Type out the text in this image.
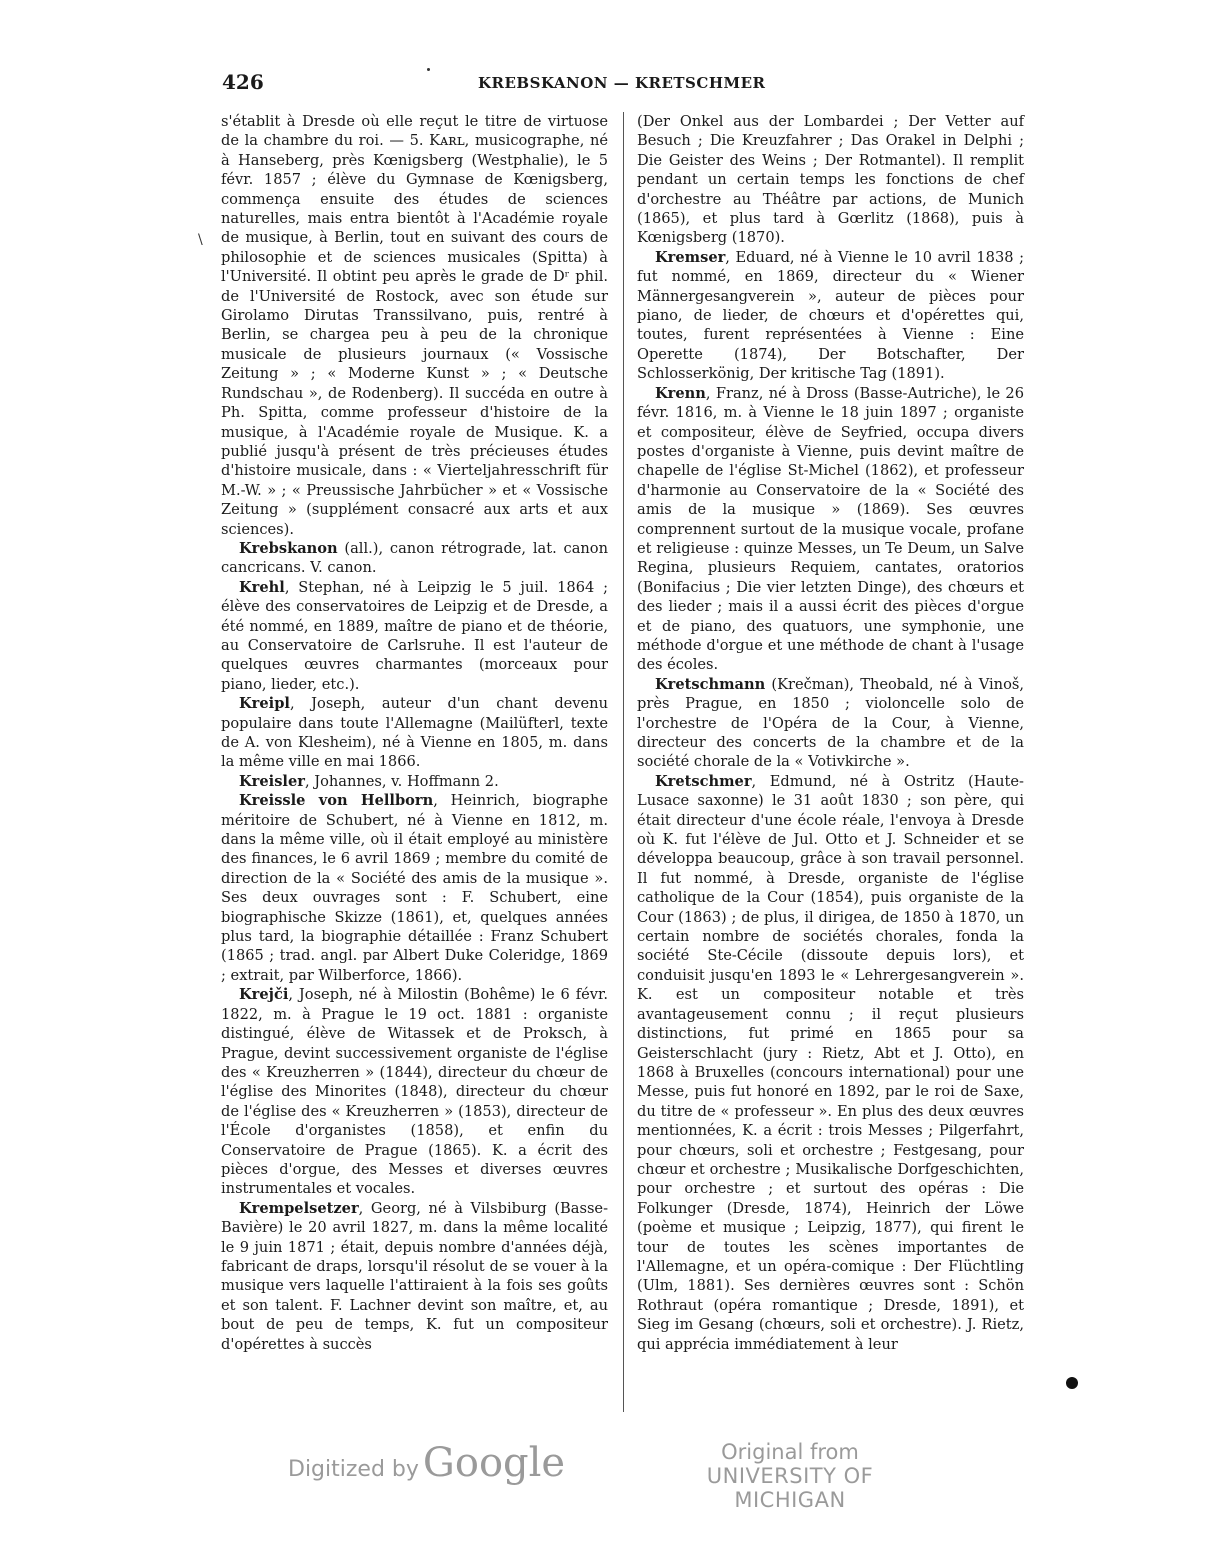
426	KREBSKANON — KRETSCHMER
\

s'établit à Dresde où elle reçut le titre de virtuose de la chambre du roi. — 5. Kᴀʀʟ, musicographe, né à Hanseberg, près Kœnigsberg (Westphalie), le 5 févr. 1857 ; élève du Gymnase de Kœnigsberg, commença ensuite des études de sciences naturelles, mais entra bientôt à l'Académie royale de musique, à Berlin, tout en suivant des cours de philosophie et de sciences musicales (Spitta) à l'Université. Il obtint peu après le grade de Dʳ phil. de l'Université de Rostock, avec son étude sur Girolamo Dirutas Transsilvano, puis, rentré à Berlin, se chargea peu à peu de la chronique musicale de plusieurs journaux (« Vossische Zeitung » ; « Moderne Kunst » ; « Deutsche Rundschau », de Rodenberg). Il succéda en outre à Ph. Spitta, comme professeur d'histoire de la musique, à l'Académie royale de Musique. K. a publié jusqu'à présent de très précieuses études d'histoire musicale, dans : « Vierteljahresschrift für M.-W. » ; « Preussische Jahrbücher » et « Vossische Zeitung » (supplément consacré aux arts et aux sciences).

Krebskanon (all.), canon rétrograde, lat. canon cancricans. V. canon.

Krehl, Stephan, né à Leipzig le 5 juil. 1864 ; élève des conservatoires de Leipzig et de Dresde, a été nommé, en 1889, maître de piano et de théorie, au Conservatoire de Carlsruhe. Il est l'auteur de quelques œuvres charmantes (morceaux pour piano, lieder, etc.).

Kreipl, Joseph, auteur d'un chant devenu populaire dans toute l'Allemagne (Mailüfterl, texte de A. von Klesheim), né à Vienne en 1805, m. dans la même ville en mai 1866.

Kreisler, Johannes, v. Hoffmann 2.

Kreissle von Hellborn, Heinrich, biographe méritoire de Schubert, né à Vienne en 1812, m. dans la même ville, où il était employé au ministère des finances, le 6 avril 1869 ; membre du comité de direction de la « Société des amis de la musique ». Ses deux ouvrages sont : F. Schubert, eine biographische Skizze (1861), et, quelques années plus tard, la biographie détaillée : Franz Schubert (1865 ; trad. angl. par Albert Duke Coleridge, 1869 ; extrait, par Wilberforce, 1866).

Krejči, Joseph, né à Milostin (Bohême) le 6 févr. 1822, m. à Prague le 19 oct. 1881 : organiste distingué, élève de Witassek et de Proksch, à Prague, devint successivement organiste de l'église des « Kreuzherren » (1844), directeur du chœur de l'église des Minorites (1848), directeur du chœur de l'église des « Kreuzherren » (1853), directeur de l'École d'organistes (1858), et enfin du Conservatoire de Prague (1865). K. a écrit des pièces d'orgue, des Messes et diverses œuvres instrumentales et vocales.

Krempelsetzer, Georg, né à Vilsbiburg (Basse-Bavière) le 20 avril 1827, m. dans la même localité le 9 juin 1871 ; était, depuis nombre d'années déjà, fabricant de draps, lorsqu'il résolut de se vouer à la musique vers laquelle l'attiraient à la fois ses goûts et son talent. F. Lachner devint son maître, et, au bout de peu de temps, K. fut un compositeur d'opérettes à succès

(Der Onkel aus der Lombardei ; Der Vetter auf Besuch ; Die Kreuzfahrer ; Das Orakel in Delphi ; Die Geister des Weins ; Der Rotmantel). Il remplit pendant un certain temps les fonctions de chef d'orchestre au Théâtre par actions, de Munich (1865), et plus tard à Gœrlitz (1868), puis à Kœnigsberg (1870).

Kremser, Eduard, né à Vienne le 10 avril 1838 ; fut nommé, en 1869, directeur du « Wiener Männergesangverein », auteur de pièces pour piano, de lieder, de chœurs et d'opérettes qui, toutes, furent représentées à Vienne : Eine Operette (1874), Der Botschafter, Der Schlosserkönig, Der kritische Tag (1891).

Krenn, Franz, né à Dross (Basse-Autriche), le 26 févr. 1816, m. à Vienne le 18 juin 1897 ; organiste et compositeur, élève de Seyfried, occupa divers postes d'organiste à Vienne, puis devint maître de chapelle de l'église St-Michel (1862), et professeur d'harmonie au Conservatoire de la « Société des amis de la musique » (1869). Ses œuvres comprennent surtout de la musique vocale, profane et religieuse : quinze Messes, un Te Deum, un Salve Regina, plusieurs Requiem, cantates, oratorios (Bonifacius ; Die vier letzten Dinge), des chœurs et des lieder ; mais il a aussi écrit des pièces d'orgue et de piano, des quatuors, une symphonie, une méthode d'orgue et une méthode de chant à l'usage des écoles.

Kretschmann (Krečman), Theobald, né à Vinoš, près Prague, en 1850 ; violoncelle solo de l'orchestre de l'Opéra de la Cour, à Vienne, directeur des concerts de la chambre et de la société chorale de la « Votivkirche ».

Kretschmer, Edmund, né à Ostritz (Haute-Lusace saxonne) le 31 août 1830 ; son père, qui était directeur d'une école réale, l'envoya à Dresde où K. fut l'élève de Jul. Otto et J. Schneider et se développa beaucoup, grâce à son travail personnel. Il fut nommé, à Dresde, organiste de l'église catholique de la Cour (1854), puis organiste de la Cour (1863) ; de plus, il dirigea, de 1850 à 1870, un certain nombre de sociétés chorales, fonda la société Ste-Cécile (dissoute depuis lors), et conduisit jusqu'en 1893 le « Lehrergesangverein ». K. est un compositeur notable et très avantageusement connu ; il reçut plusieurs distinctions, fut primé en 1865 pour sa Geisterschlacht (jury : Rietz, Abt et J. Otto), en 1868 à Bruxelles (concours international) pour une Messe, puis fut honoré en 1892, par le roi de Saxe, du titre de « professeur ». En plus des deux œuvres mentionnées, K. a écrit : trois Messes ; Pilgerfahrt, pour chœurs, soli et orchestre ; Festgesang, pour chœur et orchestre ; Musikalische Dorfgeschichten, pour orchestre ; et surtout des opéras : Die Folkunger (Dresde, 1874), Heinrich der Löwe (poème et musique ; Leipzig, 1877), qui firent le tour de toutes les scènes importantes de l'Allemagne, et un opéra-comique : Der Flüchtling (Ulm, 1881). Ses dernières œuvres sont : Schön Rothraut (opéra romantique ; Dresde, 1891), et Sieg im Gesang (chœurs, soli et orchestre). J. Rietz, qui apprécia immédiatement à leur

Digitized by Google	Original from
UNIVERSITY OF MICHIGAN
